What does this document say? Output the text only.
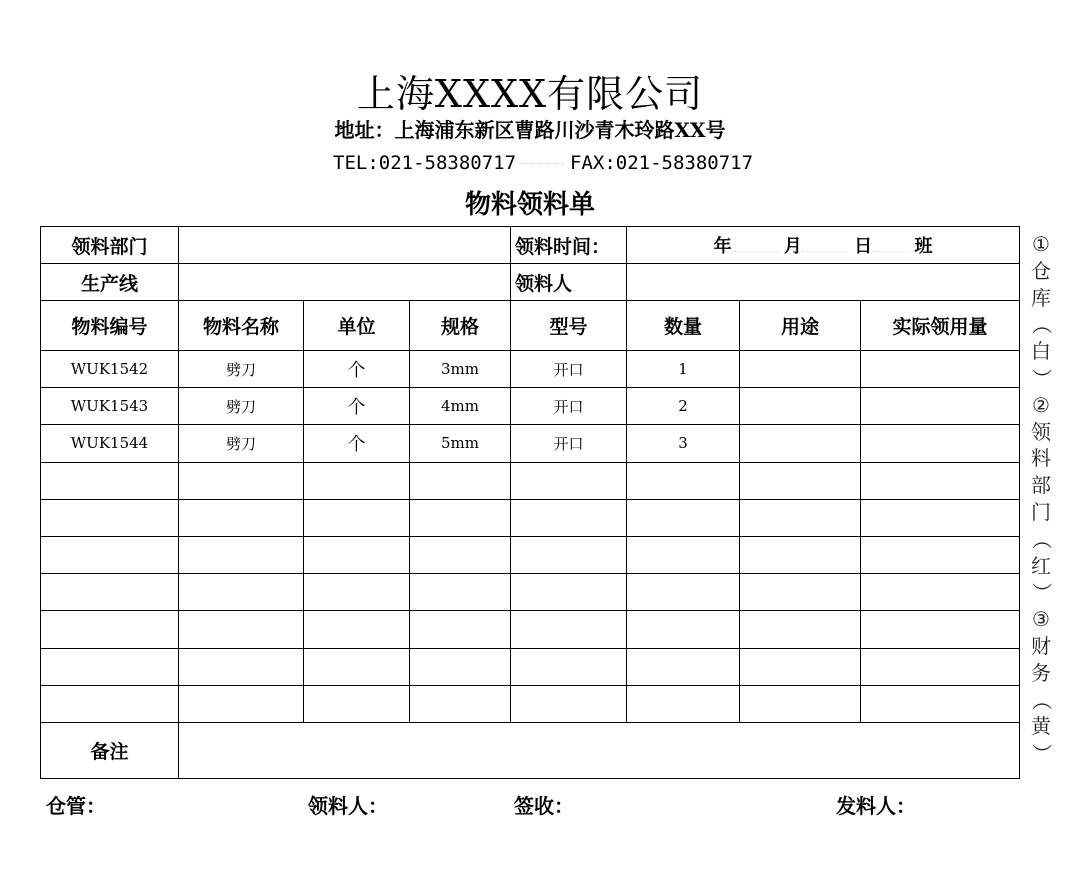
上海XXXX有限公司
地址：上海浦东新区曹路川沙青木玲路XX号
TEL:021-58380717	FAX:021-58380717
物料领料单
领料部门				领料时间：	年 月 日 班		
生产线				领料人			
物料编号	物料名称	单位	规格	型号	数量	用途	实际领用量
WUK1542	劈刀	个	3mm	开口	1		
WUK1543	劈刀	个	4mm	开口	2		
WUK1544	劈刀	个	5mm	开口	3		

备注							
①
仓
库
（
白
）
②
领
料
部
门
（
红
）
③
财
务
（
黄
）
仓管：	领料人：	签收：	发料人：
